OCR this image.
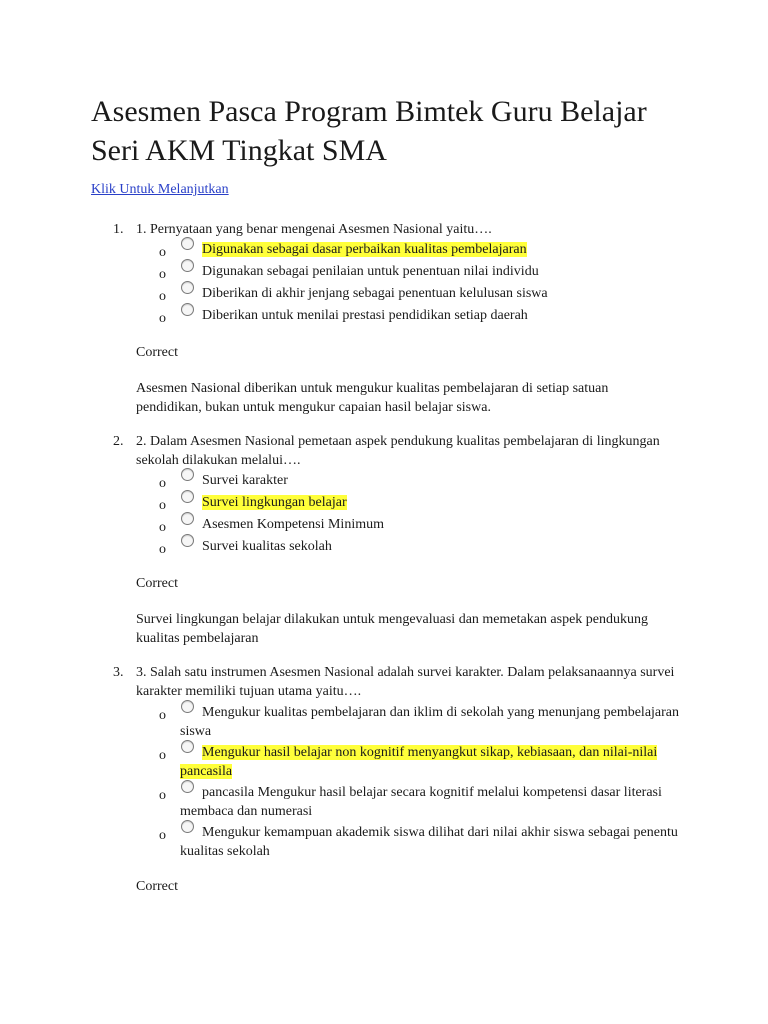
Asesmen Pasca Program Bimtek Guru Belajar Seri AKM Tingkat SMA
Klik Untuk Melanjutkan
1. 1. Pernyataan yang benar mengenai Asesmen Nasional yaitu….
o	Digunakan sebagai dasar perbaikan kualitas pembelajaran
o	Digunakan sebagai penilaian untuk penentuan nilai individu
o	Diberikan di akhir jenjang sebagai penentuan kelulusan siswa
o	Diberikan untuk menilai prestasi pendidikan setiap daerah
Correct
Asesmen Nasional diberikan untuk mengukur kualitas pembelajaran di setiap satuan pendidikan, bukan untuk mengukur capaian hasil belajar siswa.
2. 2. Dalam Asesmen Nasional pemetaan aspek pendukung kualitas pembelajaran di lingkungan sekolah dilakukan melalui….
o	Survei karakter
o	Survei lingkungan belajar
o	Asesmen Kompetensi Minimum
o	Survei kualitas sekolah
Correct
Survei lingkungan belajar dilakukan untuk mengevaluasi dan memetakan aspek pendukung kualitas pembelajaran
3. 3. Salah satu instrumen Asesmen Nasional adalah survei karakter. Dalam pelaksanaannya survei karakter memiliki tujuan utama yaitu….
o	Mengukur kualitas pembelajaran dan iklim di sekolah yang menunjang pembelajaran siswa
o	Mengukur hasil belajar non kognitif menyangkut sikap, kebiasaan, dan nilai-nilai pancasila
o	pancasila Mengukur hasil belajar secara kognitif melalui kompetensi dasar literasi membaca dan numerasi
o	Mengukur kemampuan akademik siswa dilihat dari nilai akhir siswa sebagai penentu kualitas sekolah
Correct
